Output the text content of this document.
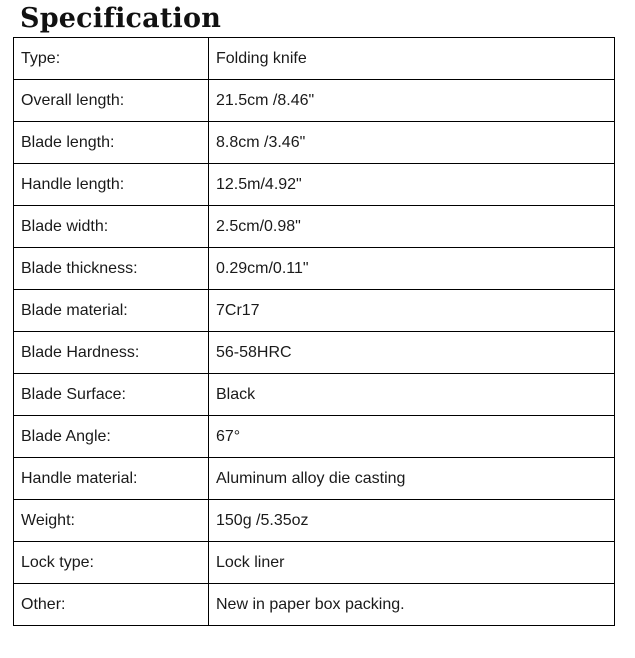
Specification
Type:	Folding knife
Overall length:	21.5cm /8.46"
Blade length:	8.8cm /3.46"
Handle length:	12.5m/4.92"
Blade width:	2.5cm/0.98"
Blade thickness:	0.29cm/0.11"
Blade material:	7Cr17
Blade Hardness:	56-58HRC
Blade Surface:	Black
Blade Angle:	67°
Handle material:	Aluminum alloy die casting
Weight:	150g /5.35oz
Lock type:	Lock liner
Other:	New in paper box packing.
